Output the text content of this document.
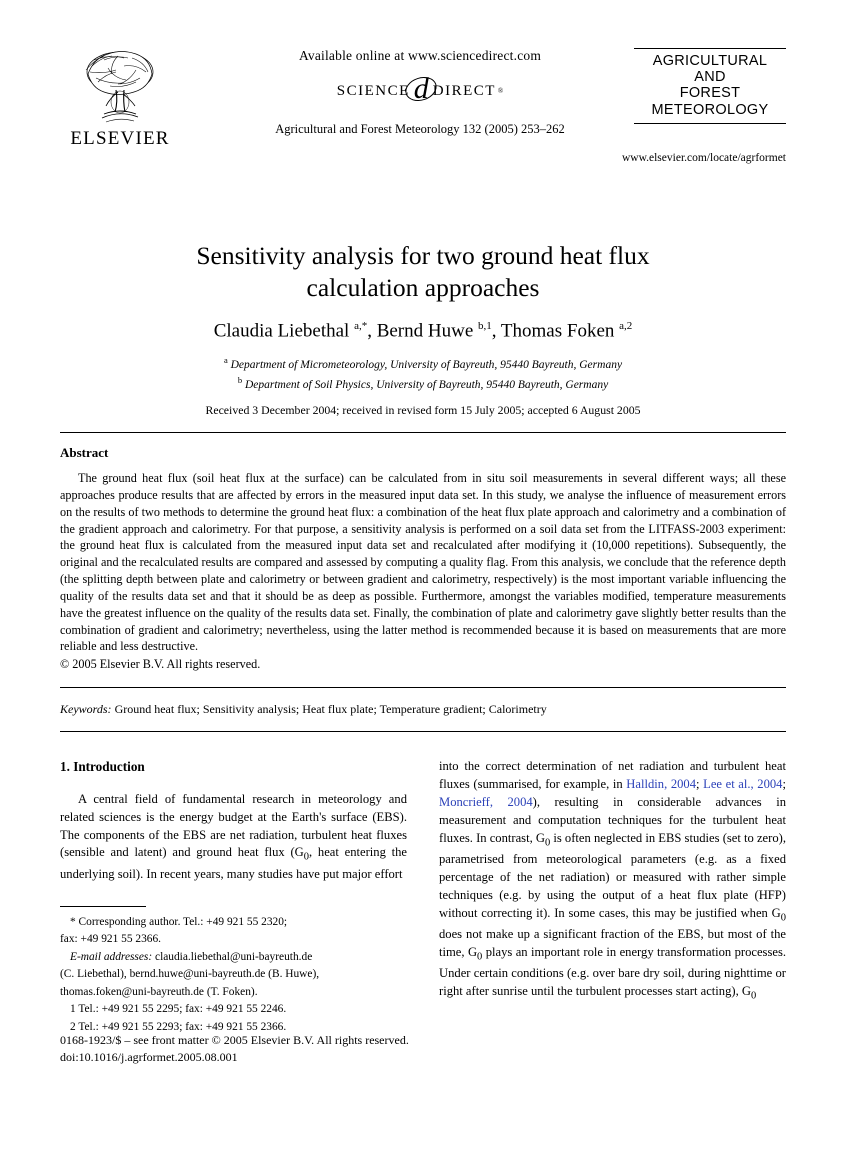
ELSEVIER
Available online at www.sciencedirect.com
SCIENCE d DIRECT ®
Agricultural and Forest Meteorology 132 (2005) 253–262
AGRICULTURAL
AND
FOREST
METEOROLOGY
www.elsevier.com/locate/agrformet
Sensitivity analysis for two ground heat flux
calculation approaches
Claudia Liebethal $^{a,*}$, Bernd Huwe $^{b,1}$, Thomas Foken $^{a,2}$
$^a$ Department of Micrometeorology, University of Bayreuth, 95440 Bayreuth, Germany
$^b$ Department of Soil Physics, University of Bayreuth, 95440 Bayreuth, Germany
Received 3 December 2004; received in revised form 15 July 2005; accepted 6 August 2005
Abstract
The ground heat flux (soil heat flux at the surface) can be calculated from in situ soil measurements in several different ways; all these approaches produce results that are affected by errors in the measured input data set. In this study, we analyse the influence of measurement errors on the results of two methods to determine the ground heat flux: a combination of the heat flux plate approach and calorimetry and a combination of the gradient approach and calorimetry. For that purpose, a sensitivity analysis is performed on a soil data set from the LITFASS-2003 experiment: the ground heat flux is calculated from the measured input data set and recalculated after modifying it (10,000 repetitions). Subsequently, the original and the recalculated results are compared and assessed by computing a quality flag. From this analysis, we conclude that the reference depth (the splitting depth between plate and calorimetry or between gradient and calorimetry, respectively) is the most important variable influencing the quality of the results data set and that it should be as deep as possible. Furthermore, amongst the variables modified, temperature measurements have the greatest influence on the quality of the results data set. Finally, the combination of plate and calorimetry gave slightly better results than the combination of gradient and calorimetry; nevertheless, using the latter method is recommended because it is based on measurements that are more reliable and less destructive.
© 2005 Elsevier B.V. All rights reserved.
Keywords: Ground heat flux; Sensitivity analysis; Heat flux plate; Temperature gradient; Calorimetry
1. Introduction

A central field of fundamental research in meteorology and related sciences is the energy budget at the Earth's surface (EBS). The components of the EBS are net radiation, turbulent heat fluxes (sensible and latent) and ground heat flux ($G_0$, heat entering the underlying soil). In recent years, many studies have put major effort

* Corresponding author. Tel.: +49 921 55 2320;

fax: +49 921 55 2366.

E-mail addresses: claudia.liebethal@uni-bayreuth.de

(C. Liebethal), bernd.huwe@uni-bayreuth.de (B. Huwe),

thomas.foken@uni-bayreuth.de (T. Foken).

1 Tel.: +49 921 55 2295; fax: +49 921 55 2246.

2 Tel.: +49 921 55 2293; fax: +49 921 55 2366.

into the correct determination of net radiation and turbulent heat fluxes (summarised, for example, in Halldin, 2004; Lee et al., 2004; Moncrieff, 2004), resulting in considerable advances in measurement and computation techniques for the turbulent heat fluxes. In contrast, $G_0$ is often neglected in EBS studies (set to zero), parametrised from meteorological parameters (e.g. as a fixed percentage of the net radiation) or measured with rather simple techniques (e.g. by using the output of a heat flux plate (HFP) without correcting it). In some cases, this may be justified when $G_0$ does not make up a significant fraction of the EBS, but most of the time, $G_0$ plays an important role in energy transformation processes. Under certain conditions (e.g. over bare dry soil, during nighttime or right after sunrise until the turbulent processes start acting), $G_0$

0168-1923/$ – see front matter © 2005 Elsevier B.V. All rights reserved.
doi:10.1016/j.agrformet.2005.08.001
